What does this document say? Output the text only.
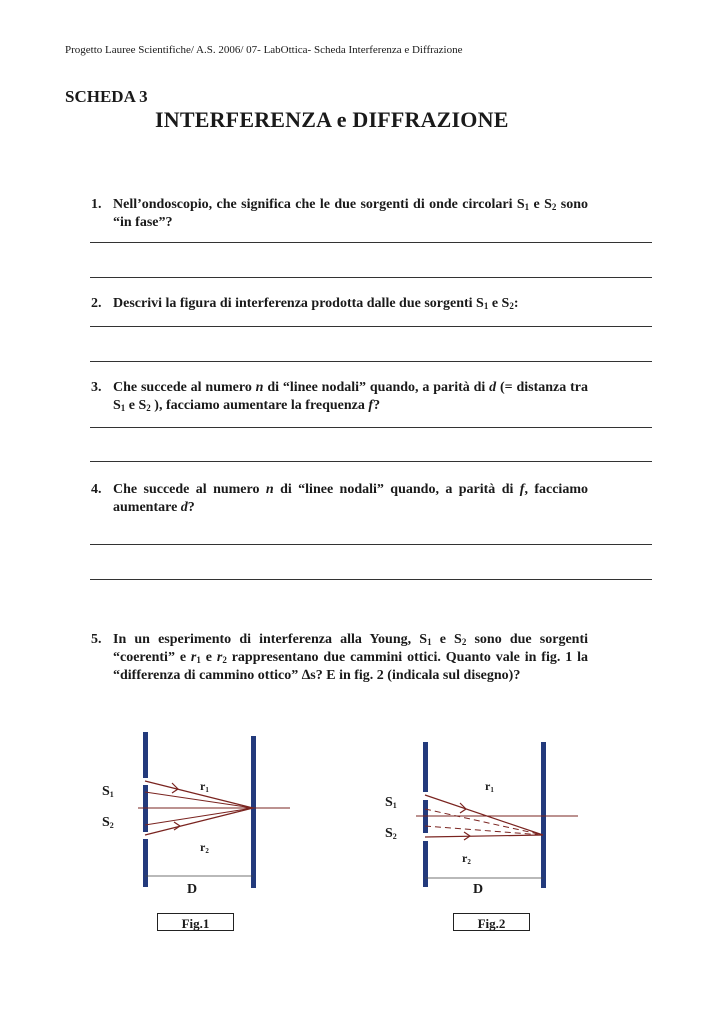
Progetto Lauree Scientifiche/ A.S. 2006/ 07- LabOttica- Scheda Interferenza e Diffrazione
SCHEDA 3
INTERFERENZA e DIFFRAZIONE
1. Nell’ondoscopio, che significa che le due sorgenti di onde circolari $S_1$ e $S_2$ sono “in fase”?
2. Descrivi la figura di interferenza prodotta dalle due sorgenti $S_1$ e $S_2$:
3. Che succede al numero n di “linee nodali” quando, a parità di d (= distanza tra $S_1$ e $S_2$ ), facciamo aumentare la frequenza f?
4. Che succede al numero n di “linee nodali” quando, a parità di f, facciamo aumentare d?
5. In un esperimento di interferenza alla Young, $S_1$ e $S_2$ sono due sorgenti “coerenti” e $r_1$ e $r_2$ rappresentano due cammini ottici. Quanto vale in fig. 1 la “differenza di cammino ottico” ∆s? E in fig. 2 (indicala sul disegno)?
$S_1$
$S_2$
$r_1$
$r_2$
D
Fig.1
$S_1$
$S_2$
$r_1$
$r_2$
D
Fig.2
